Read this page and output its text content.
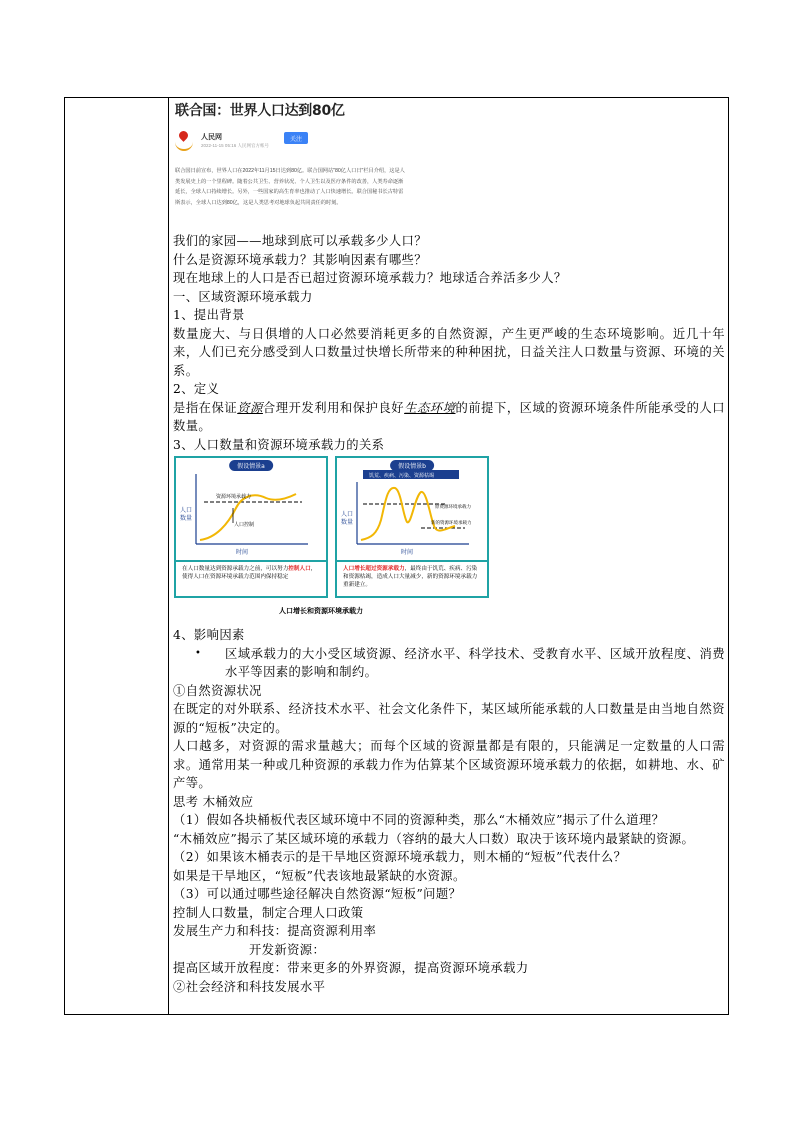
联合国：世界人口达到80亿
人民网
2022-11-15 05:16 人民网官方帐号
关注
联合国日前宣布，世界人口在2022年11月15日达到80亿。联合国网站"80亿人口日"栏目介绍，这是人类发展史上的一个里程碑。随着公共卫生、营养状况、个人卫生以及医疗条件的改善，人类寿命逐渐延长，全球人口持续增长。另外，一些国家的高生育率也推动了人口快速增长。联合国秘书长古特雷斯表示，全球人口达到80亿，这是人类思考对地球负起共同责任的时刻。

我们的家园——地球到底可以承载多少人口？

什么是资源环境承载力？其影响因素有哪些？

现在地球上的人口是否已超过资源环境承载力？地球适合养活多少人？

一、区域资源环境承载力

1、提出背景

数量庞大、与日俱增的人口必然要消耗更多的自然资源，产生更严峻的生态环境影响。近几十年来，人们已充分感受到人口数量过快增长所带来的种种困扰，日益关注人口数量与资源、环境的关系。

2、定义

是指在保证资源合理开发利用和保护良好生态环境的前提下，区域的资源环境条件所能承受的人口数量。

3、人口数量和资源环境承载力的关系

假设情景a
人口
数量
时间
资源环境承载力
人口控制
在人口数量达到资源承载力之前，可以努力控制人口，使得人口在资源环境承载力范围内保持稳定
假设情景b
饥荒、疾病、污染、资源枯竭
人口
数量
时间
原资源环境承载力
新的资源环境承载力
人口增长超过资源承载力，最终由于饥荒、疾病、污染和资源枯竭，造成人口大量减少，新的资源环境承载力重新建立。
人口增长和资源环境承载力

4、影响因素

•	区域承载力的大小受区域资源、经济水平、科学技术、受教育水平、区域开放程度、消费水平等因素的影响和制约。

①自然资源状况

在既定的对外联系、经济技术水平、社会文化条件下，某区域所能承载的人口数量是由当地自然资源的“短板”决定的。

人口越多，对资源的需求量越大；而每个区域的资源量都是有限的，只能满足一定数量的人口需求。通常用某一种或几种资源的承载力作为估算某个区域资源环境承载力的依据，如耕地、水、矿产等。

思考 木桶效应

（1）假如各块桶板代表区域环境中不同的资源种类，那么“木桶效应”揭示了什么道理？

“木桶效应”揭示了某区域环境的承载力（容纳的最大人口数）取决于该环境内最紧缺的资源。

（2）如果该木桶表示的是干旱地区资源环境承载力，则木桶的“短板”代表什么？

如果是干旱地区，“短板”代表该地最紧缺的水资源。

（3）可以通过哪些途径解决自然资源“短板”问题？

控制人口数量，制定合理人口政策

发展生产力和科技：提高资源利用率

开发新资源：

提高区域开放程度：带来更多的外界资源，提高资源环境承载力

②社会经济和科技发展水平
